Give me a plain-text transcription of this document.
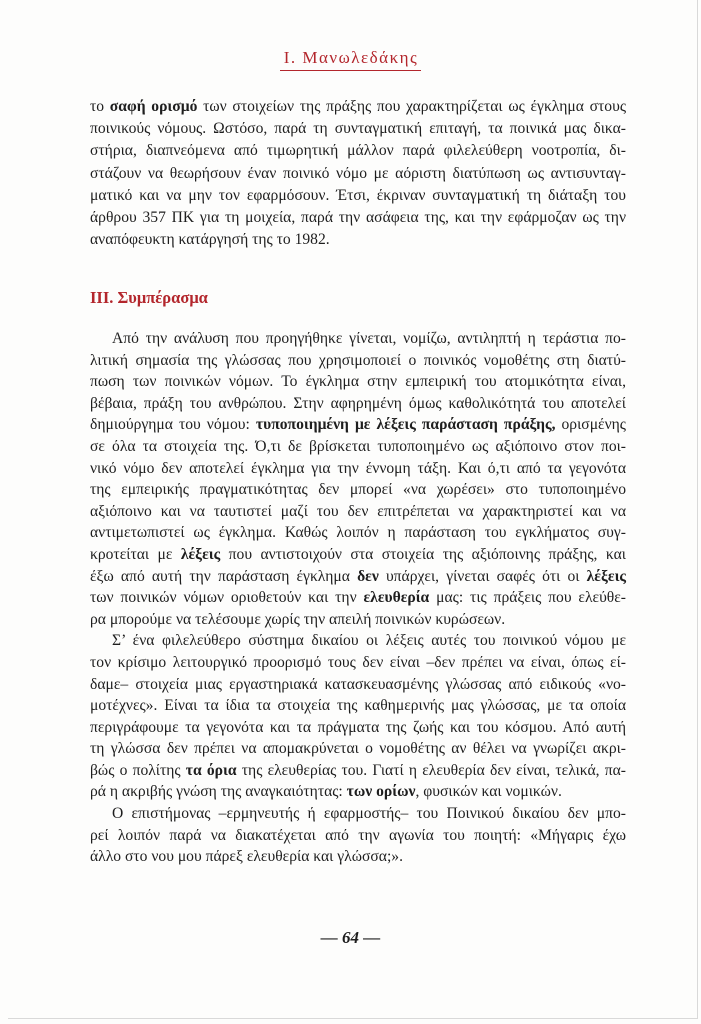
Ι. Μανωλεδάκης
το σαφή ορισμό των στοιχείων της πράξης που χαρακτηρίζεται ως έγκλημα στους
ποινικούς νόμους. Ωστόσο, παρά τη συνταγματική επιταγή, τα ποινικά μας δικα-
στήρια, διαπνεόμενα από τιμωρητική μάλλον παρά φιλελεύθερη νοοτροπία, δι-
στάζουν να θεωρήσουν έναν ποινικό νόμο με αόριστη διατύπωση ως αντισυνταγ-
ματικό και να μην τον εφαρμόσουν. Έτσι, έκριναν συνταγματική τη διάταξη του
άρθρου 357 ΠΚ για τη μοιχεία, παρά την ασάφεια της, και την εφάρμοζαν ως την
αναπόφευκτη κατάργησή της το 1982.
III. Συμπέρασμα
Από την ανάλυση που προηγήθηκε γίνεται, νομίζω, αντιληπτή η τεράστια πο-
λιτική σημασία της γλώσσας που χρησιμοποιεί ο ποινικός νομοθέτης στη διατύ-
πωση των ποινικών νόμων. Το έγκλημα στην εμπειρική του ατομικότητα είναι,
βέβαια, πράξη του ανθρώπου. Στην αφηρημένη όμως καθολικότητά του αποτελεί
δημιούργημα του νόμου: τυποποιημένη με λέξεις παράσταση πράξης, ορισμένης
σε όλα τα στοιχεία της. Ό,τι δε βρίσκεται τυποποιημένο ως αξιόποινο στον ποι-
νικό νόμο δεν αποτελεί έγκλημα για την έννομη τάξη. Και ό,τι από τα γεγονότα
της εμπειρικής πραγματικότητας δεν μπορεί «να χωρέσει» στο τυποποιημένο
αξιόποινο και να ταυτιστεί μαζί του δεν επιτρέπεται να χαρακτηριστεί και να
αντιμετωπιστεί ως έγκλημα. Καθώς λοιπόν η παράσταση του εγκλήματος συγ-
κροτείται με λέξεις που αντιστοιχούν στα στοιχεία της αξιόποινης πράξης, και
έξω από αυτή την παράσταση έγκλημα δεν υπάρχει, γίνεται σαφές ότι οι λέξεις
των ποινικών νόμων οριοθετούν και την ελευθερία μας: τις πράξεις που ελεύθε-
ρα μπορούμε να τελέσουμε χωρίς την απειλή ποινικών κυρώσεων.
Σ’ ένα φιλελεύθερο σύστημα δικαίου οι λέξεις αυτές του ποινικού νόμου με
τον κρίσιμο λειτουργικό προορισμό τους δεν είναι –δεν πρέπει να είναι, όπως εί-
δαμε– στοιχεία μιας εργαστηριακά κατασκευασμένης γλώσσας από ειδικούς «νο-
μοτέχνες». Είναι τα ίδια τα στοιχεία της καθημερινής μας γλώσσας, με τα οποία
περιγράφουμε τα γεγονότα και τα πράγματα της ζωής και του κόσμου. Από αυτή
τη γλώσσα δεν πρέπει να απομακρύνεται ο νομοθέτης αν θέλει να γνωρίζει ακρι-
βώς ο πολίτης τα όρια της ελευθερίας του. Γιατί η ελευθερία δεν είναι, τελικά, πα-
ρά η ακριβής γνώση της αναγκαιότητας: των ορίων, φυσικών και νομικών.
Ο επιστήμονας –ερμηνευτής ή εφαρμοστής– του Ποινικού δικαίου δεν μπο-
ρεί λοιπόν παρά να διακατέχεται από την αγωνία του ποιητή: «Μήγαρις έχω
άλλο στο νου μου πάρεξ ελευθερία και γλώσσα;».
— 64 —
